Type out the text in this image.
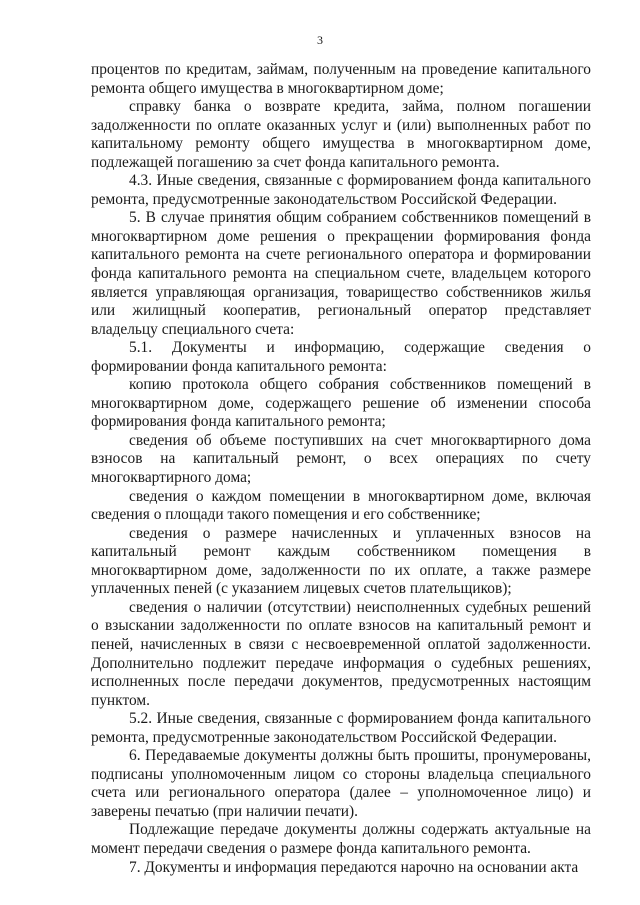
3

процентов по кредитам, займам, полученным на проведение капитального ремонта общего имущества в многоквартирном доме;

справку банка о возврате кредита, займа, полном погашении задолженности по оплате оказанных услуг и (или) выполненных работ по капитальному ремонту общего имущества в многоквартирном доме, подлежащей погашению за счет фонда капитального ремонта.

4.3. Иные сведения, связанные с формированием фонда капитального ремонта, предусмотренные законодательством Российской Федерации.

5. В случае принятия общим собранием собственников помещений в многоквартирном доме решения о прекращении формирования фонда капитального ремонта на счете регионального оператора и формировании фонда капитального ремонта на специальном счете, владельцем которого является управляющая организация, товарищество собственников жилья или жилищный кооператив, региональный оператор представляет владельцу специального счета:

5.1. Документы и информацию, содержащие сведения о формировании фонда капитального ремонта:

копию протокола общего собрания собственников помещений в многоквартирном доме, содержащего решение об изменении способа формирования фонда капитального ремонта;

сведения об объеме поступивших на счет многоквартирного дома взносов на капитальный ремонт, о всех операциях по счету многоквартирного дома;

сведения о каждом помещении в многоквартирном доме, включая сведения о площади такого помещения и его собственнике;

сведения о размере начисленных и уплаченных взносов на капитальный ремонт каждым собственником помещения в многоквартирном доме, задолженности по их оплате, а также размере уплаченных пеней (с указанием лицевых счетов плательщиков);

сведения о наличии (отсутствии) неисполненных судебных решений о взыскании задолженности по оплате взносов на капитальный ремонт и пеней, начисленных в связи с несвоевременной оплатой задолженности. Дополнительно подлежит передаче информация о судебных решениях, исполненных после передачи документов, предусмотренных настоящим пунктом.

5.2. Иные сведения, связанные с формированием фонда капитального ремонта, предусмотренные законодательством Российской Федерации.

6. Передаваемые документы должны быть прошиты, пронумерованы, подписаны уполномоченным лицом со стороны владельца специального счета или регионального оператора (далее – уполномоченное лицо) и заверены печатью (при наличии печати).

Подлежащие передаче документы должны содержать актуальные на момент передачи сведения о размере фонда капитального ремонта.

7. Документы и информация передаются нарочно на основании акта
